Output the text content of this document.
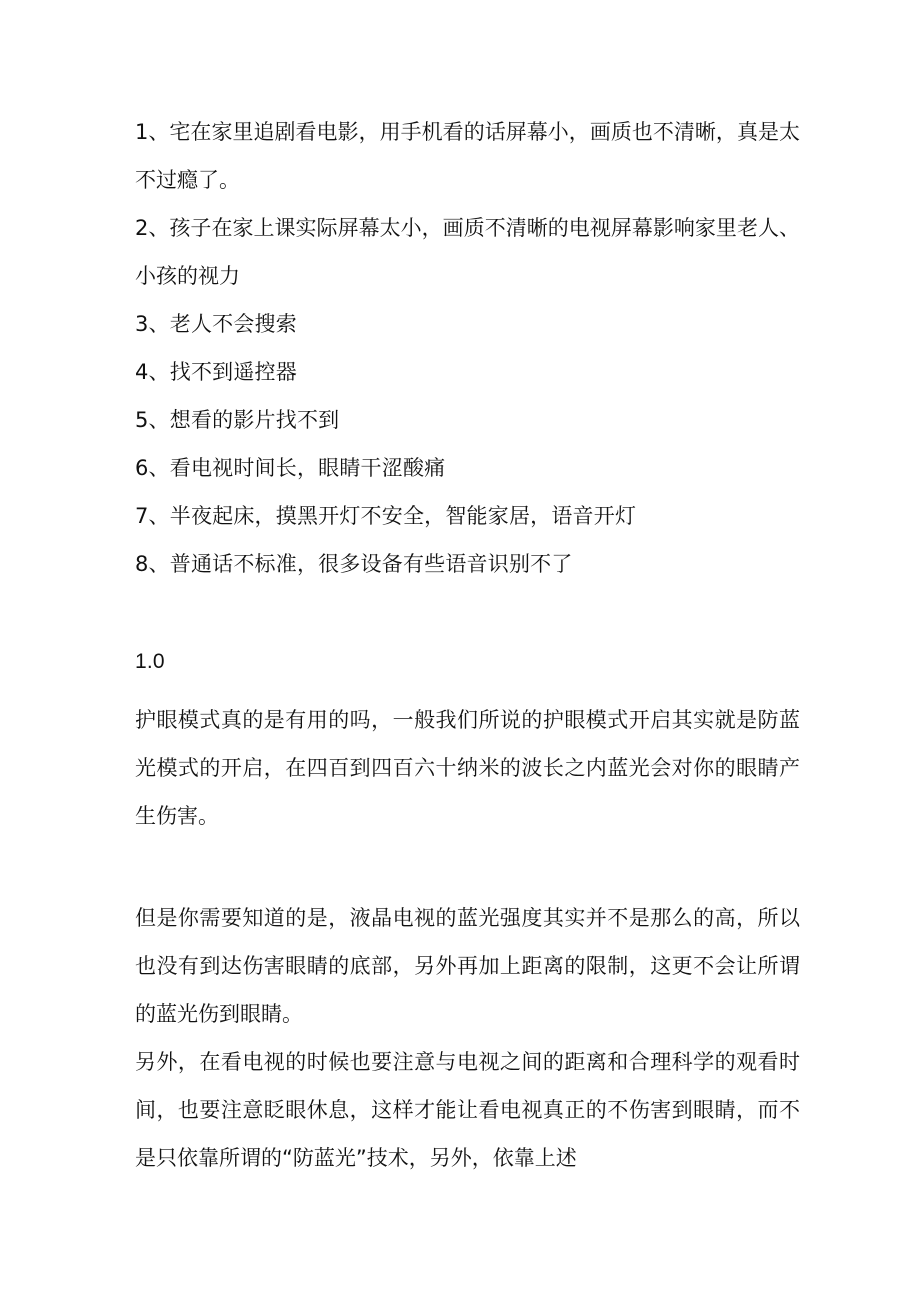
1、宅在家里追剧看电影，用手机看的话屏幕小，画质也不清晰，真是太不过瘾了。
2、孩子在家上课实际屏幕太小，画质不清晰的电视屏幕影响家里老人、小孩的视力
3、老人不会搜索
4、找不到遥控器
5、想看的影片找不到
6、看电视时间长，眼睛干涩酸痛
7、半夜起床，摸黑开灯不安全，智能家居，语音开灯
8、普通话不标准，很多设备有些语音识别不了
1.0
护眼模式真的是有用的吗，一般我们所说的护眼模式开启其实就是防蓝光模式的开启，在四百到四百六十纳米的波长之内蓝光会对你的眼睛产生伤害。
但是你需要知道的是，液晶电视的蓝光强度其实并不是那么的高，所以也没有到达伤害眼睛的底部，另外再加上距离的限制，这更不会让所谓的蓝光伤到眼睛。
另外，在看电视的时候也要注意与电视之间的距离和合理科学的观看时间，也要注意眨眼休息，这样才能让看电视真正的不伤害到眼睛，而不是只依靠所谓的“防蓝光”技术，另外，依靠上述
